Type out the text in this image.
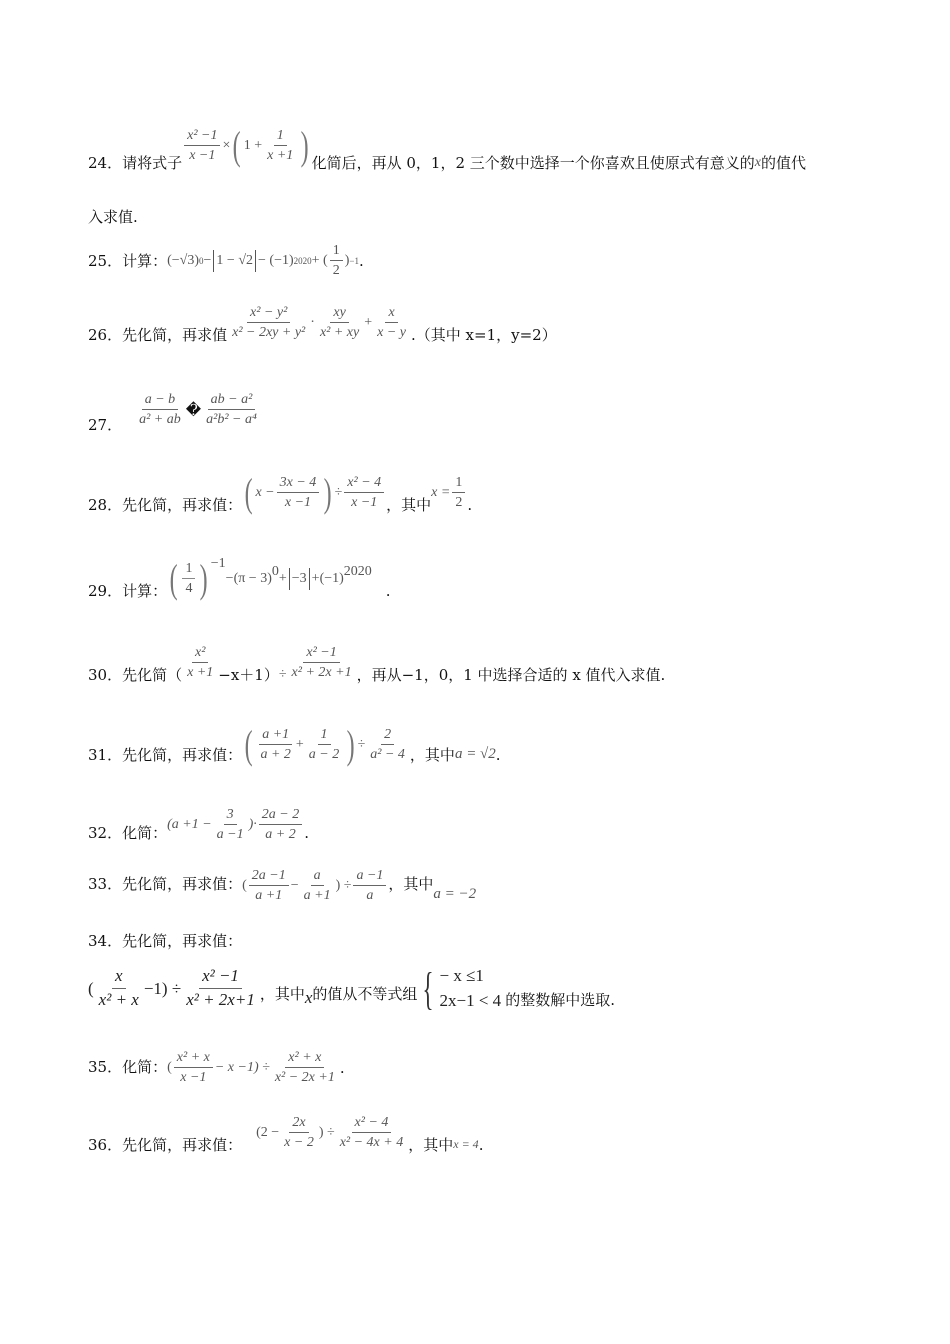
24． 请将式子 $\frac{\text{x² −1}}{x -1}$ × ( $1 + \frac{1}{x +1}$ ) 化简后，再从 0，1，2 三个数中选择一个你喜欢且使原式有意义的 x 的值代
入求值.
25． 计算： (−√3) 0 − 1 − √2 − (−1) 2020 + ( $\frac{1}{2}$ ) −1 .
26． 先化简，再求值 $\frac{\text{x² − y²}}{\text{x² − 2xy + y²}} \cdot \frac{xy}{\text{x² + xy}} + \frac{x}{x - y}$ .（其中 x=1，y=2）
27． $\frac{a - b}{\text{a² + ab}}$ � $\frac{\text{ab − a²}}{\text{a²b² − a⁴}}$
28． 先化简，再求值： ( $x - \frac{3x - 4}{x -1}$ ) ÷ $\frac{\text{x² − 4}}{x -1}$ ，其中
$x = \frac{1}{2}$ .
29． 计算： ( $\frac{1}{4}$ ) −1
−(π − 3) 0 + −3 +(−1) 2020
.
30． 先化简（ $\frac{\text{x²}}{x +1} -x+1) \div \frac{\text{x² −1}}{\text{x² + 2x +1}}$ ，再从−1，0，1 中选择合适的 x 值代入求值.
31． 先化简，再求值： ( $\frac{a +1}{a + 2} + \frac{1}{a - 2}$ ) ÷ $\frac{2}{\text{a² − 4}}$ ，其中 a = √2 .
32． 化简： ($a +1 - \frac{3}{a -1}$ )· $\frac{2a - 2}{a + 2}$ .
33． 先化简，再求值： ( $\frac{2a -1}{a +1} - \frac{a}{a +1}$ ) ÷ $\frac{a -1}{a}$ ，其中
a = −2
34． 先化简，再求值：
( $\frac{x}{\text{x² + x}} -1) \div \frac{\text{x² −1}}{\text{x² + 2x+1}}$ ，其中 x 的值从不等式组 { − x ≤1
2x−1 < 4 的整数解中选取.
35． 化简： ( $\frac{\text{x² + x}}{x -1} - x -1) \div \frac{\text{x² + x}}{\text{x² − 2x +1}}$ .
36． 先化简，再求值：
($2 - \frac{2x}{x - 2}$ ) ÷ $\frac{\text{x² − 4}}{\text{x² − 4x + 4}}$ ，其中 x = 4 .
